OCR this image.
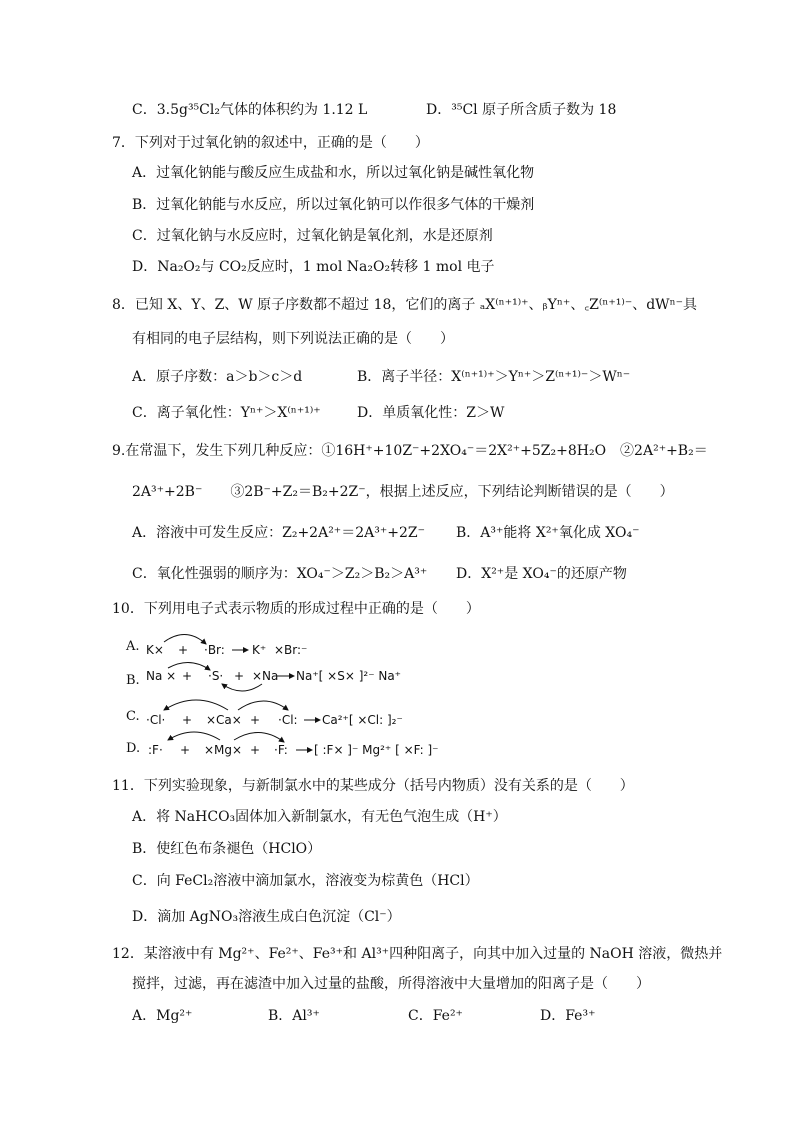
C．3.5g³⁵Cl₂气体的体积约为 1.12 L	D．³⁵Cl 原子所含质子数为 18
7．下列对于过氧化钠的叙述中，正确的是（　　）
A．过氧化钠能与酸反应生成盐和水，所以过氧化钠是碱性氧化物
B．过氧化钠能与水反应，所以过氧化钠可以作很多气体的干燥剂
C．过氧化钠与水反应时，过氧化钠是氧化剂，水是还原剂
D．Na₂O₂与 CO₂反应时，1 mol Na₂O₂转移 1 mol 电子
8．已知 X、Y、Z、W 原子序数都不超过 18，它们的离子 ₐX⁽ⁿ⁺¹⁾⁺、ᵦYⁿ⁺、꜀Z⁽ⁿ⁺¹⁾⁻、dWⁿ⁻具
有相同的电子层结构，则下列说法正确的是（　　）
A．原子序数：a＞b＞c＞d	B．离子半径：X⁽ⁿ⁺¹⁾⁺＞Yⁿ⁺＞Z⁽ⁿ⁺¹⁾⁻＞Wⁿ⁻
C．离子氧化性：Yⁿ⁺＞X⁽ⁿ⁺¹⁾⁺	D．单质氧化性：Z＞W
9.在常温下，发生下列几种反应：①16H⁺+10Z⁻+2XO₄⁻＝2X²⁺+5Z₂+8H₂O　②2A²⁺+B₂＝
2A³⁺+2B⁻　　③2B⁻+Z₂＝B₂+2Z⁻，根据上述反应，下列结论判断错误的是（　　）
A．溶液中可发生反应：Z₂+2A²⁺＝2A³⁺+2Z⁻ B．A³⁺能将 X²⁺氧化成 XO₄⁻
C．氧化性强弱的顺序为：XO₄⁻＞Z₂＞B₂＞A³⁺ D．X²⁺是 XO₄⁻的还原产物
10．下列用电子式表示物质的形成过程中正确的是（　　）
A. K× + ·Br: K⁺ ×Br:⁻
B. Na × + ·S· + ×Na Na⁺[ ×S× ]²⁻ Na⁺
C. ·Cl· + ×Ca× + ·Cl: Ca²⁺[ ×Cl: ]₂⁻
D. :F· + ×Mg× + ·F: [ :F× ]⁻ Mg²⁺ [ ×F: ]⁻
11．下列实验现象，与新制氯水中的某些成分（括号内物质）没有关系的是（　　）
A．将 NaHCO₃固体加入新制氯水，有无色气泡生成（H⁺）
B．使红色布条褪色（HClO）
C．向 FeCl₂溶液中滴加氯水，溶液变为棕黄色（HCl）
D．滴加 AgNO₃溶液生成白色沉淀（Cl⁻）
12．某溶液中有 Mg²⁺、Fe²⁺、Fe³⁺和 Al³⁺四种阳离子，向其中加入过量的 NaOH 溶液，微热并
搅拌，过滤，再在滤渣中加入过量的盐酸，所得溶液中大量增加的阳离子是（　　）
A．Mg²⁺	B．Al³⁺	C．Fe²⁺	D．Fe³⁺
